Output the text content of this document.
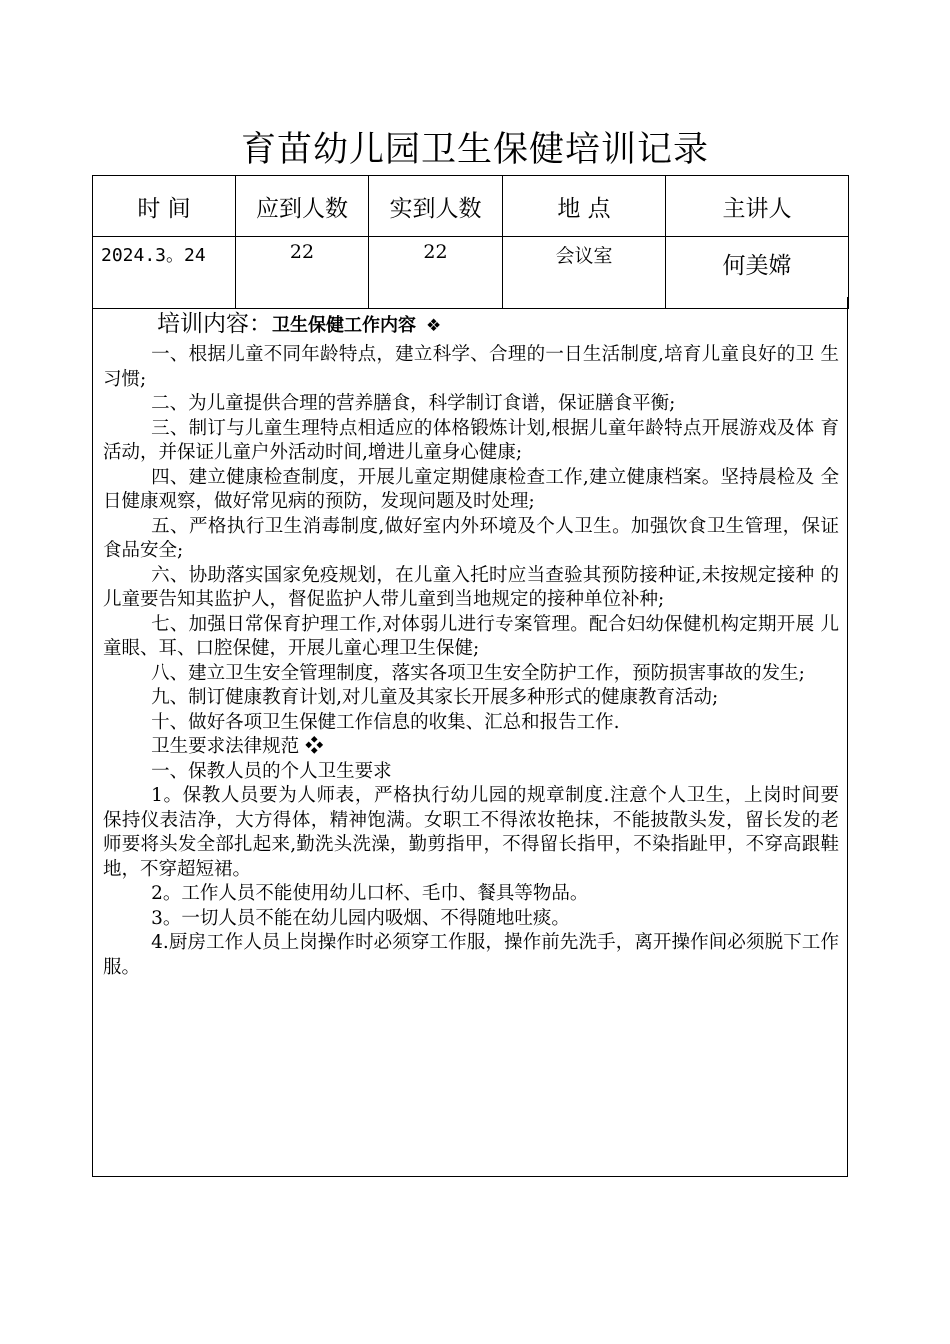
育苗幼儿园卫生保健培训记录
时 间	应到人数	实到人数	地 点	主讲人
2024.3。24	22	22	会议室	何美嫦
培训内容：卫生保健工作内容 ❖

一、根据儿童不同年龄特点，建立科学、合理的一日生活制度,培育儿童良好的卫 生习惯;

二、为儿童提供合理的营养膳食，科学制订食谱，保证膳食平衡;

三、制订与儿童生理特点相适应的体格锻炼计划,根据儿童年龄特点开展游戏及体 育活动，并保证儿童户外活动时间,增进儿童身心健康;

四、建立健康检查制度，开展儿童定期健康检查工作,建立健康档案。坚持晨检及 全日健康观察，做好常见病的预防，发现问题及时处理;

五、严格执行卫生消毒制度,做好室内外环境及个人卫生。加强饮食卫生管理，保证 食品安全;

六、协助落实国家免疫规划，在儿童入托时应当查验其预防接种证,未按规定接种 的儿童要告知其监护人，督促监护人带儿童到当地规定的接种单位补种;

七、加强日常保育护理工作,对体弱儿进行专案管理。配合妇幼保健机构定期开展 儿童眼、耳、口腔保健，开展儿童心理卫生保健;

八、建立卫生安全管理制度，落实各项卫生安全防护工作，预防损害事故的发生;

九、制订健康教育计划,对儿童及其家长开展多种形式的健康教育活动;

十、做好各项卫生保健工作信息的收集、汇总和报告工作.

卫生要求法律规范 ❖

一、保教人员的个人卫生要求

1。保教人员要为人师表，严格执行幼儿园的规章制度.注意个人卫生，上岗时间要 保持仪表洁净，大方得体，精神饱满。女职工不得浓妆艳抹，不能披散头发，留长发的老师要将头发全部扎起来,勤洗头洗澡，勤剪指甲，不得留长指甲，不染指趾甲，不穿高跟鞋地，不穿超短裙。

2。工作人员不能使用幼儿口杯、毛巾、餐具等物品。

3。一切人员不能在幼儿园内吸烟、不得随地吐痰。

4.厨房工作人员上岗操作时必须穿工作服，操作前先洗手，离开操作间必须脱下工作服。
